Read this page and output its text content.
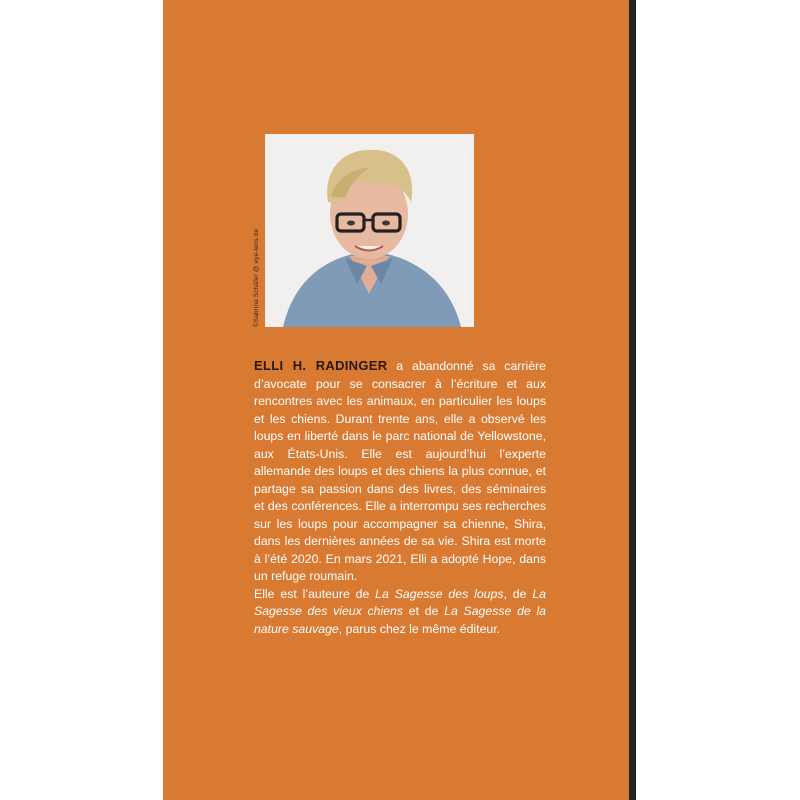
©Sabrina Schäfer @ eye-lens.de

ELLI H. RADINGER a abandonné sa carrière d’avocate pour se consacrer à l’écriture et aux rencontres avec les animaux, en particulier les loups et les chiens. Durant trente ans, elle a observé les loups en liberté dans le parc national de Yellowstone, aux États-Unis. Elle est aujourd’hui l’experte allemande des loups et des chiens la plus connue, et partage sa passion dans des livres, des séminaires et des conférences. Elle a interrompu ses recherches sur les loups pour accompagner sa chienne, Shira, dans les dernières années de sa vie. Shira est morte à l’été 2020. En mars 2021, Elli a adopté Hope, dans un refuge roumain.

Elle est l’auteure de La Sagesse des loups, de La Sagesse des vieux chiens et de La Sagesse de la nature sauvage, parus chez le même éditeur.
